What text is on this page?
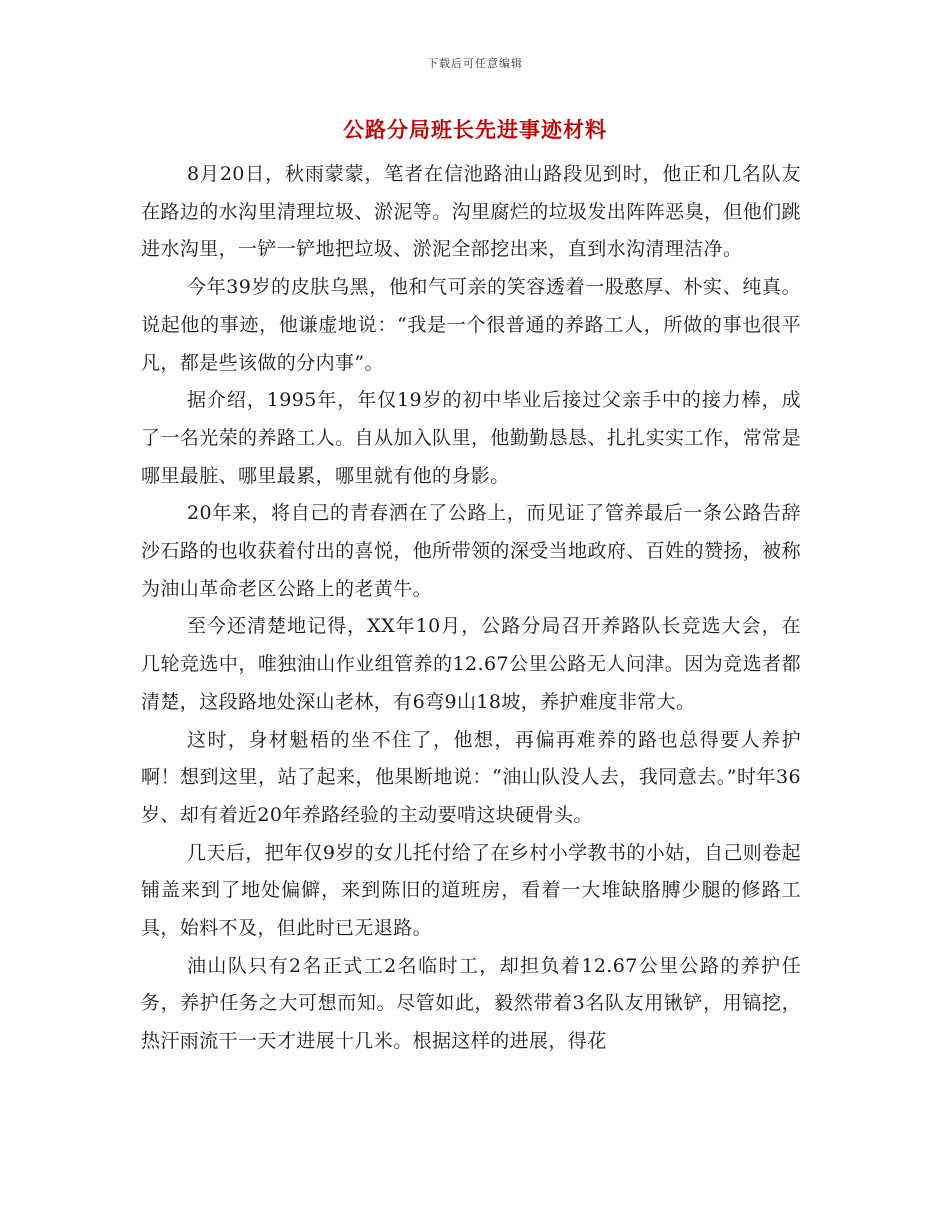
下载后可任意编辑
公路分局班长先进事迹材料

8月20日，秋雨蒙蒙，笔者在信池路油山路段见到时，他正和几名队友在路边的水沟里清理垃圾、淤泥等。沟里腐烂的垃圾发出阵阵恶臭，但他们跳进水沟里，一铲一铲地把垃圾、淤泥全部挖出来，直到水沟清理洁净。

今年39岁的皮肤乌黑，他和气可亲的笑容透着一股憨厚、朴实、纯真。说起他的事迹，他谦虚地说：“我是一个很普通的养路工人，所做的事也很平凡，都是些该做的分内事”。

据介绍，1995年，年仅19岁的初中毕业后接过父亲手中的接力棒，成了一名光荣的养路工人。自从加入队里，他勤勤恳恳、扎扎实实工作，常常是哪里最脏、哪里最累，哪里就有他的身影。

20年来，将自己的青春洒在了公路上，而见证了管养最后一条公路告辞沙石路的也收获着付出的喜悦，他所带领的深受当地政府、百姓的赞扬，被称为油山革命老区公路上的老黄牛。

至今还清楚地记得，XX年10月，公路分局召开养路队长竞选大会，在几轮竞选中，唯独油山作业组管养的12.67公里公路无人问津。因为竞选者都清楚，这段路地处深山老林，有6弯9山18坡，养护难度非常大。

这时，身材魁梧的坐不住了，他想，再偏再难养的路也总得要人养护啊！想到这里，站了起来，他果断地说：“油山队没人去，我同意去。”时年36岁、却有着近20年养路经验的主动要啃这块硬骨头。

几天后，把年仅9岁的女儿托付给了在乡村小学教书的小姑，自己则卷起铺盖来到了地处偏僻，来到陈旧的道班房，看着一大堆缺胳膊少腿的修路工具，始料不及，但此时已无退路。

油山队只有2名正式工2名临时工，却担负着12.67公里公路的养护任务，养护任务之大可想而知。尽管如此，毅然带着3名队友用锹铲，用镐挖，热汗雨流干一天才进展十几米。根据这样的进展，得花
